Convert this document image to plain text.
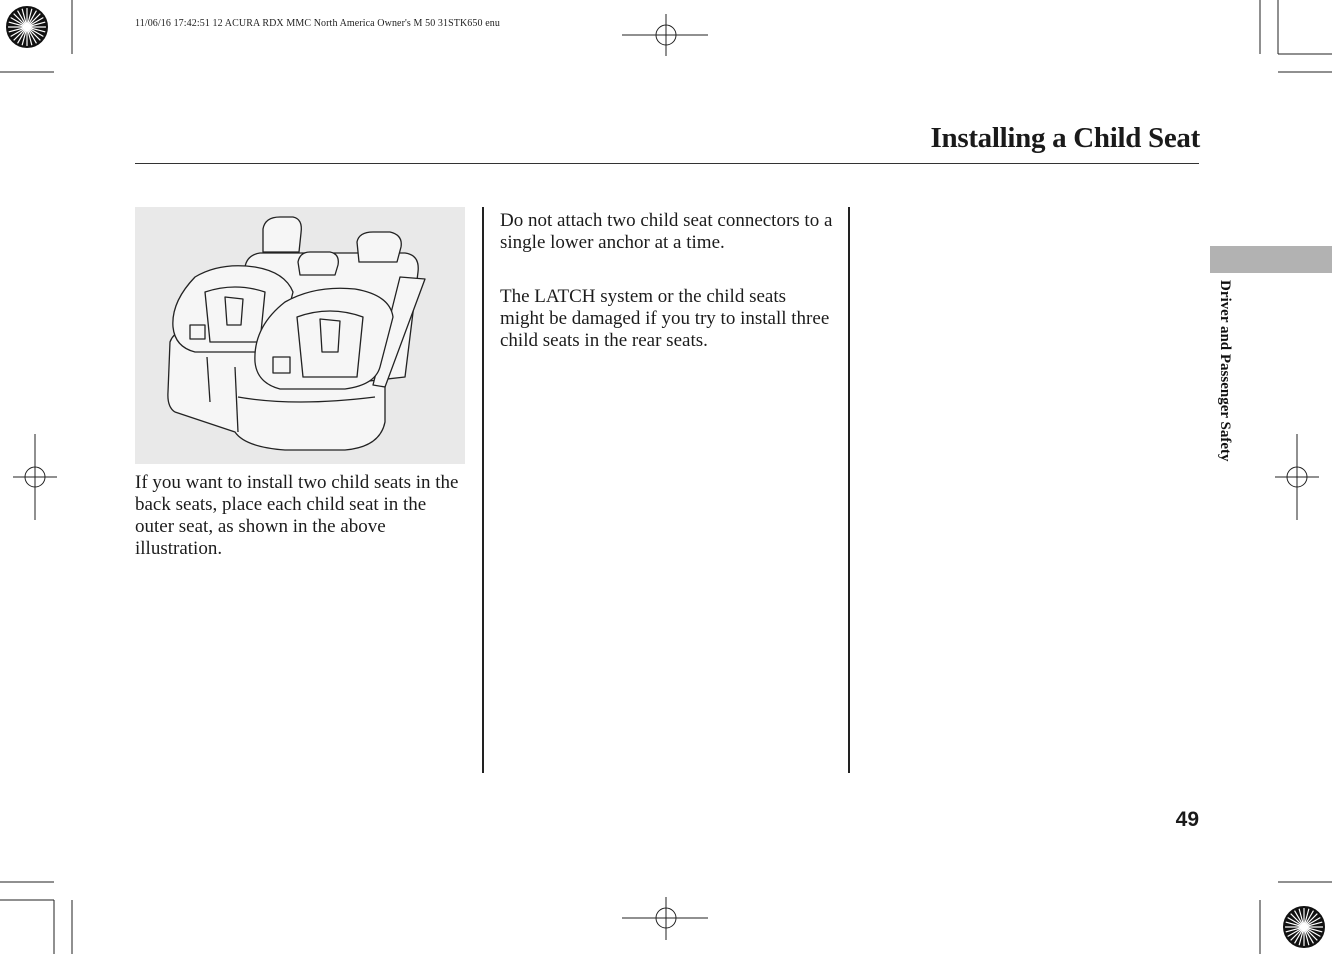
11/06/16 17:42:51 12 ACURA RDX MMC North America Owner's M 50 31STK650 enu
Installing a Child Seat

If you want to install two child seats in the back seats, place each child seat in the outer seat, as shown in the above illustration.

Do not attach two child seat connectors to a single lower anchor at a time.

The LATCH system or the child seats might be damaged if you try to install three child seats in the rear seats.	Driver and Passenger Safety
49
